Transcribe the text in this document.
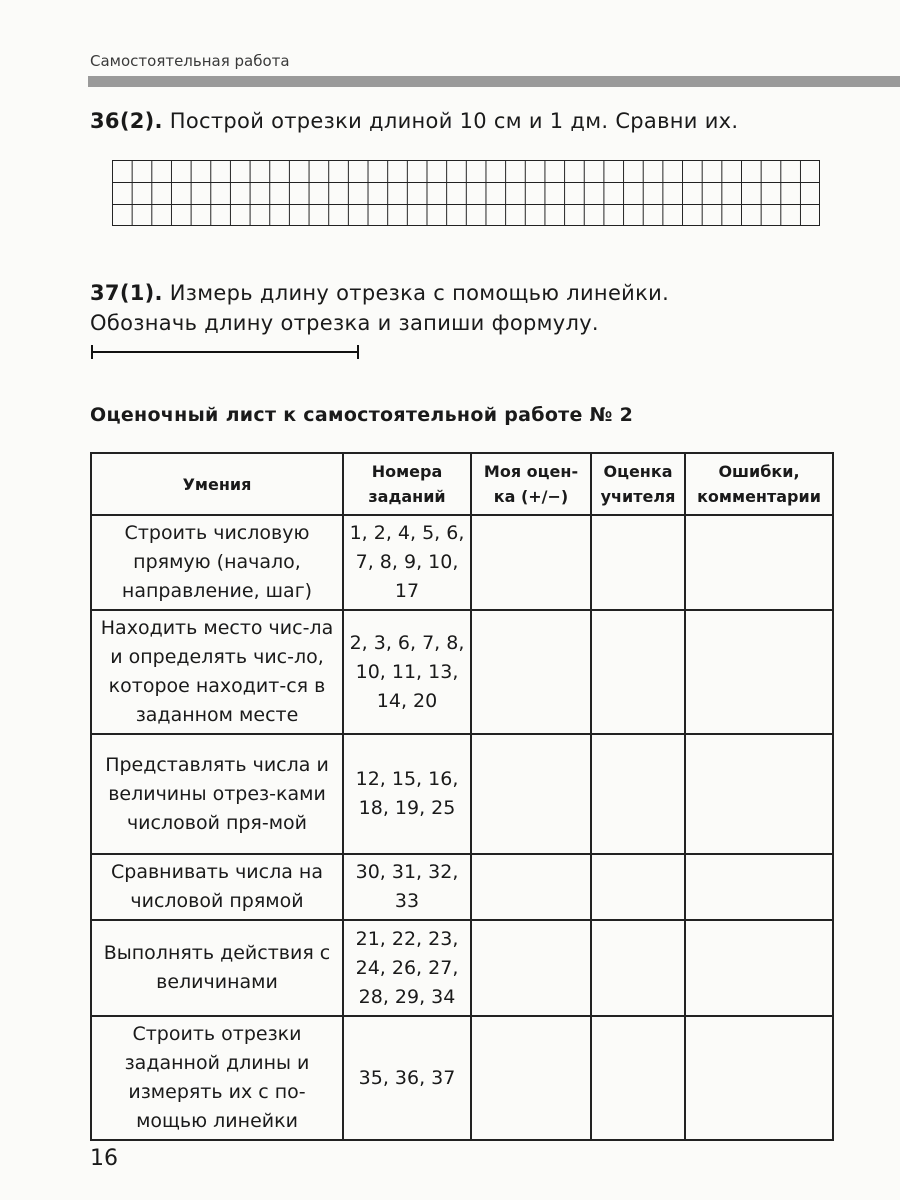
Самостоятельная работа
36(2). Построй отрезки длиной 10 см и 1 дм. Сравни их.
37(1). Измерь длину отрезка с помощью линейки.
Обозначь длину отрезка и запиши формулу.
Оценочный лист к самостоятельной работе № 2
Умения	Номера заданий	Моя оцен-ка (+/−)	Оценка учителя	Ошибки, комментарии
Строить числовую прямую (начало, направление, шаг)	1, 2, 4, 5, 6, 7, 8, 9, 10, 17			
Находить место чис-ла и определять чис-ло, которое находит-ся в заданном месте	2, 3, 6, 7, 8, 10, 11, 13, 14, 20			
Представлять числа и величины отрез-ками числовой пря-мой	12, 15, 16, 18, 19, 25			
Сравнивать числа на числовой прямой	30, 31, 32, 33			
Выполнять действия с величинами	21, 22, 23, 24, 26, 27, 28, 29, 34			
Строить отрезки заданной длины и измерять их с по-мощью линейки	35, 36, 37			
16
